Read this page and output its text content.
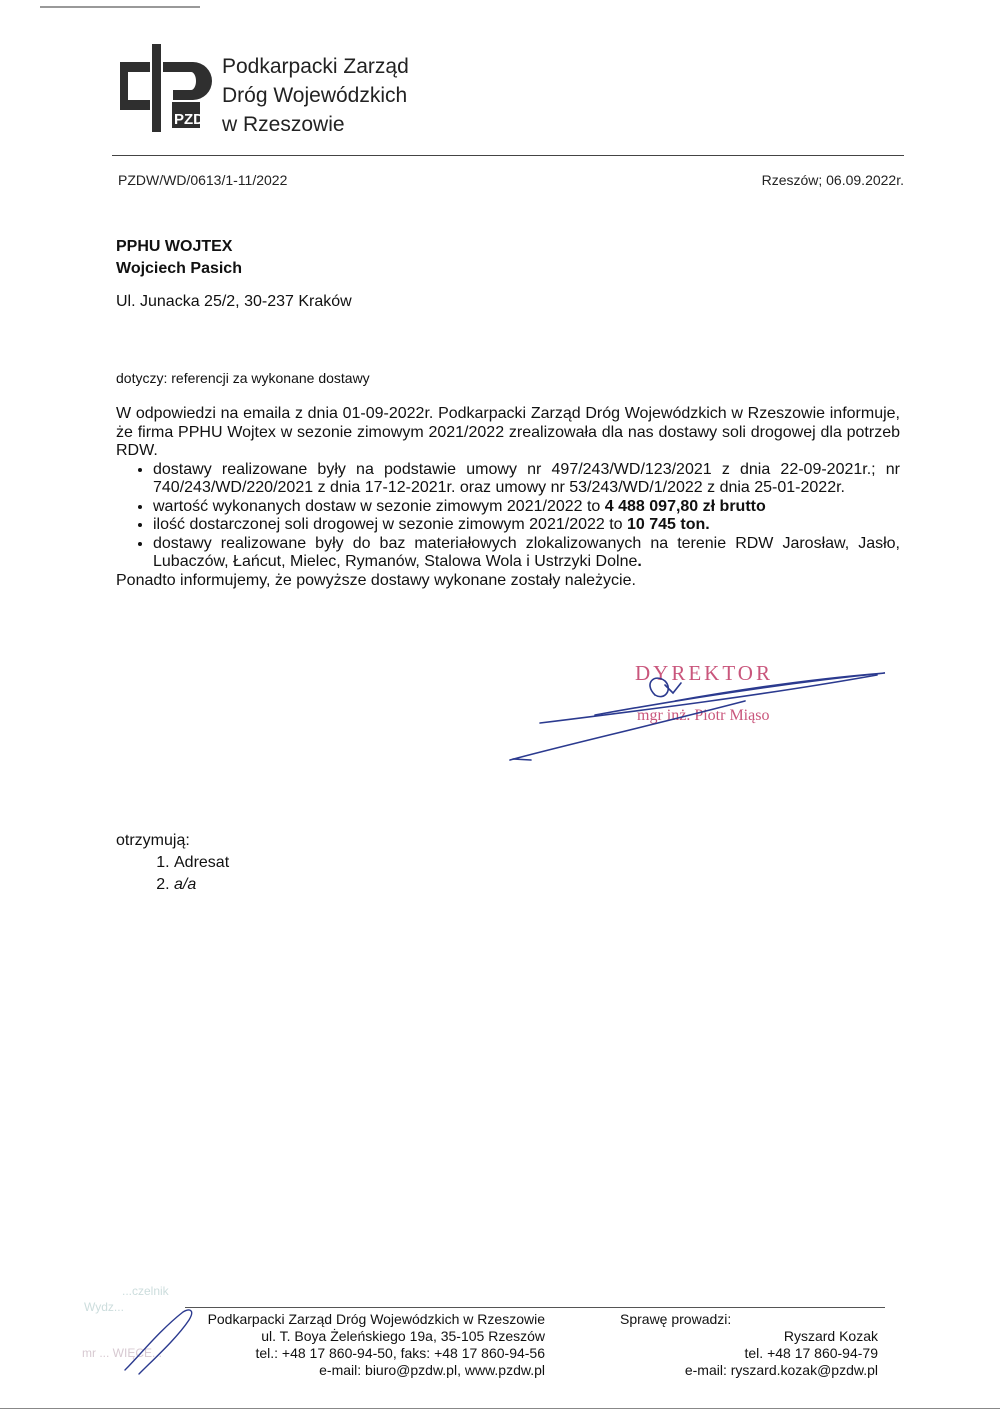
PZDW
Podkarpacki Zarząd
Dróg Wojewódzkich
w Rzeszowie
PZDW/WD/0613/1-11/2022	Rzeszów; 06.09.2022r.
PPHU WOJTEX
Wojciech Pasich
Ul. Junacka 25/2, 30-237 Kraków
dotyczy: referencji za wykonane dostawy

W odpowiedzi na emaila z dnia 01-09-2022r. Podkarpacki Zarząd Dróg Wojewódzkich w Rzeszowie informuje, że firma PPHU Wojtex w sezonie zimowym 2021/2022 zrealizowała dla nas dostawy soli drogowej dla potrzeb RDW.

• dostawy realizowane były na podstawie umowy nr 497/243/WD/123/2021 z dnia 22-09-2021r.; nr 740/243/WD/220/2021 z dnia 17-12-2021r. oraz umowy nr 53/243/WD/1/2022 z dnia 25-01-2022r.
• wartość wykonanych dostaw w sezonie zimowym 2021/2022 to 4 488 097,80 zł brutto
• ilość dostarczonej soli drogowej w sezonie zimowym 2021/2022 to 10 745 ton.
• dostawy realizowane były do baz materiałowych zlokalizowanych na terenie RDW Jarosław, Jasło, Lubaczów, Łańcut, Mielec, Rymanów, Stalowa Wola i Ustrzyki Dolne.

Ponadto informujemy, że powyższe dostawy wykonane zostały należycie.

DYREKTOR
mgr inż. Piotr Miąso
otrzymują:
1. Adresat
2. a/a
...czelnik
Wydz...
mr ... WIĘCE...
Podkarpacki Zarząd Dróg Wojewódzkich w Rzeszowie
ul. T. Boya Żeleńskiego 19a, 35-105 Rzeszów
tel.: +48 17 860-94-50, faks: +48 17 860-94-56
e-mail: biuro@pzdw.pl, www.pzdw.pl
Sprawę prowadzi:
Ryszard Kozak
tel. +48 17 860-94-79
e-mail: ryszard.kozak@pzdw.pl
